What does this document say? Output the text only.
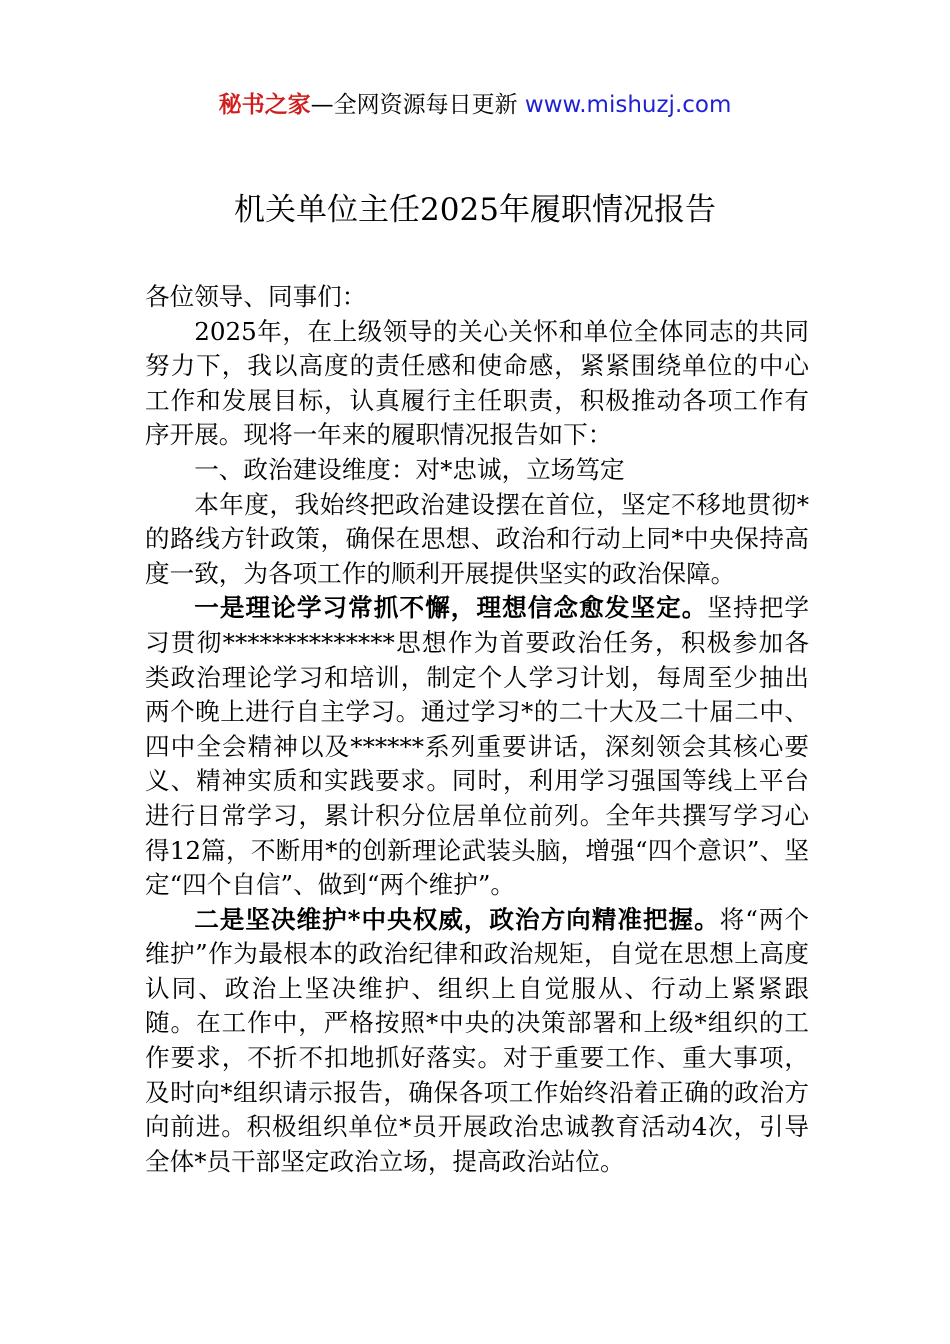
秘书之家—全网资源每日更新 www.mishuzj.com
机关单位主任2025年履职情况报告

各位领导、同事们：

2025年，在上级领导的关心关怀和单位全体同志的共同努力下，我以高度的责任感和使命感，紧紧围绕单位的中心工作和发展目标，认真履行主任职责，积极推动各项工作有序开展。现将一年来的履职情况报告如下：

一、政治建设维度：对*忠诚，立场笃定

本年度，我始终把政治建设摆在首位，坚定不移地贯彻*的路线方针政策，确保在思想、政治和行动上同*中央保持高度一致，为各项工作的顺利开展提供坚实的政治保障。

一是理论学习常抓不懈，理想信念愈发坚定。坚持把学习贯彻**************思想作为首要政治任务，积极参加各类政治理论学习和培训，制定个人学习计划，每周至少抽出两个晚上进行自主学习。通过学习*的二十大及二十届二中、四中全会精神以及******系列重要讲话，深刻领会其核心要义、精神实质和实践要求。同时，利用学习强国等线上平台进行日常学习，累计积分位居单位前列。全年共撰写学习心得12篇，不断用*的创新理论武装头脑，增强“四个意识”、坚定“四个自信”、做到“两个维护”。

二是坚决维护*中央权威，政治方向精准把握。将“两个维护”作为最根本的政治纪律和政治规矩，自觉在思想上高度认同、政治上坚决维护、组织上自觉服从、行动上紧紧跟随。在工作中，严格按照*中央的决策部署和上级*组织的工作要求，不折不扣地抓好落实。对于重要工作、重大事项，及时向*组织请示报告，确保各项工作始终沿着正确的政治方向前进。积极组织单位*员开展政治忠诚教育活动4次，引导全体*员干部坚定政治立场，提高政治站位。
